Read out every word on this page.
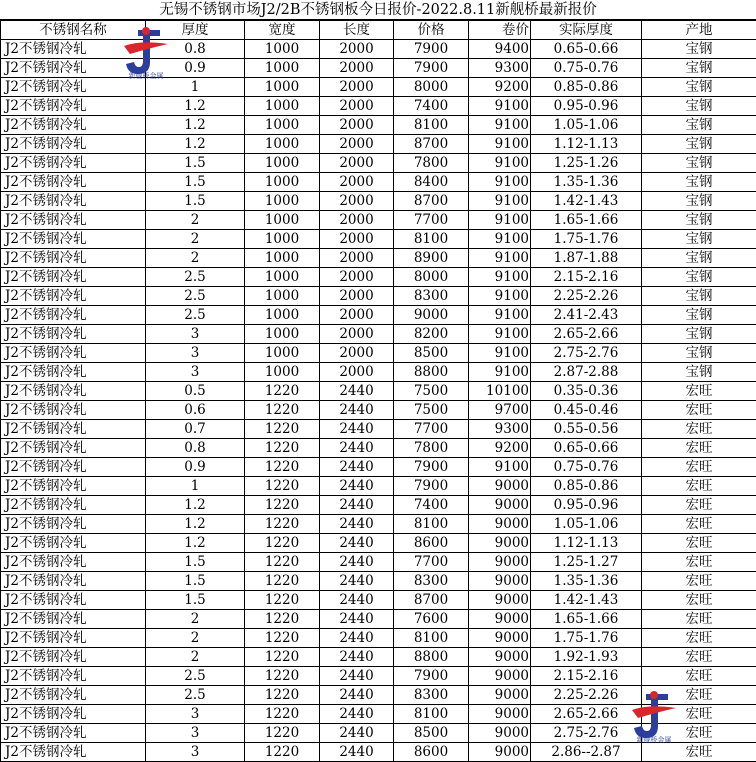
无锡不锈钢市场J2/2B不锈钢板今日报价-2022.8.11新舰桥最新报价
不锈钢名称	厚度	宽度	长度	价格	卷价	实际厚度	产地
J2不锈钢冷轧	0.8	1000	2000	7900	9400	0.65-0.66	宝钢
J2不锈钢冷轧	0.9	1000	2000	7900	9300	0.75-0.76	宝钢
J2不锈钢冷轧	1	1000	2000	8000	9200	0.85-0.86	宝钢
J2不锈钢冷轧	1.2	1000	2000	7400	9100	0.95-0.96	宝钢
J2不锈钢冷轧	1.2	1000	2000	8100	9100	1.05-1.06	宝钢
J2不锈钢冷轧	1.2	1000	2000	8700	9100	1.12-1.13	宝钢
J2不锈钢冷轧	1.5	1000	2000	7800	9100	1.25-1.26	宝钢
J2不锈钢冷轧	1.5	1000	2000	8400	9100	1.35-1.36	宝钢
J2不锈钢冷轧	1.5	1000	2000	8700	9100	1.42-1.43	宝钢
J2不锈钢冷轧	2	1000	2000	7700	9100	1.65-1.66	宝钢
J2不锈钢冷轧	2	1000	2000	8100	9100	1.75-1.76	宝钢
J2不锈钢冷轧	2	1000	2000	8900	9100	1.87-1.88	宝钢
J2不锈钢冷轧	2.5	1000	2000	8000	9100	2.15-2.16	宝钢
J2不锈钢冷轧	2.5	1000	2000	8300	9100	2.25-2.26	宝钢
J2不锈钢冷轧	2.5	1000	2000	9000	9100	2.41-2.43	宝钢
J2不锈钢冷轧	3	1000	2000	8200	9100	2.65-2.66	宝钢
J2不锈钢冷轧	3	1000	2000	8500	9100	2.75-2.76	宝钢
J2不锈钢冷轧	3	1000	2000	8800	9100	2.87-2.88	宝钢
J2不锈钢冷轧	0.5	1220	2440	7500	10100	0.35-0.36	宏旺
J2不锈钢冷轧	0.6	1220	2440	7500	9700	0.45-0.46	宏旺
J2不锈钢冷轧	0.7	1220	2440	7700	9300	0.55-0.56	宏旺
J2不锈钢冷轧	0.8	1220	2440	7800	9200	0.65-0.66	宏旺
J2不锈钢冷轧	0.9	1220	2440	7900	9100	0.75-0.76	宏旺
J2不锈钢冷轧	1	1220	2440	7900	9000	0.85-0.86	宏旺
J2不锈钢冷轧	1.2	1220	2440	7400	9000	0.95-0.96	宏旺
J2不锈钢冷轧	1.2	1220	2440	8100	9000	1.05-1.06	宏旺
J2不锈钢冷轧	1.2	1220	2440	8600	9000	1.12-1.13	宏旺
J2不锈钢冷轧	1.5	1220	2440	7700	9000	1.25-1.27	宏旺
J2不锈钢冷轧	1.5	1220	2440	8300	9000	1.35-1.36	宏旺
J2不锈钢冷轧	1.5	1220	2440	8700	9000	1.42-1.43	宏旺
J2不锈钢冷轧	2	1220	2440	7600	9000	1.65-1.66	宏旺
J2不锈钢冷轧	2	1220	2440	8100	9000	1.75-1.76	宏旺
J2不锈钢冷轧	2	1220	2440	8800	9000	1.92-1.93	宏旺
J2不锈钢冷轧	2.5	1220	2440	7900	9000	2.15-2.16	宏旺
J2不锈钢冷轧	2.5	1220	2440	8300	9000	2.25-2.26	宏旺
J2不锈钢冷轧	3	1220	2440	8100	9000	2.65-2.66	宏旺
J2不锈钢冷轧	3	1220	2440	8500	9000	2.75-2.76	宏旺
J2不锈钢冷轧	3	1220	2440	8600	9000	2.86--2.87	宏旺
新舰桥金属
新舰桥金属
